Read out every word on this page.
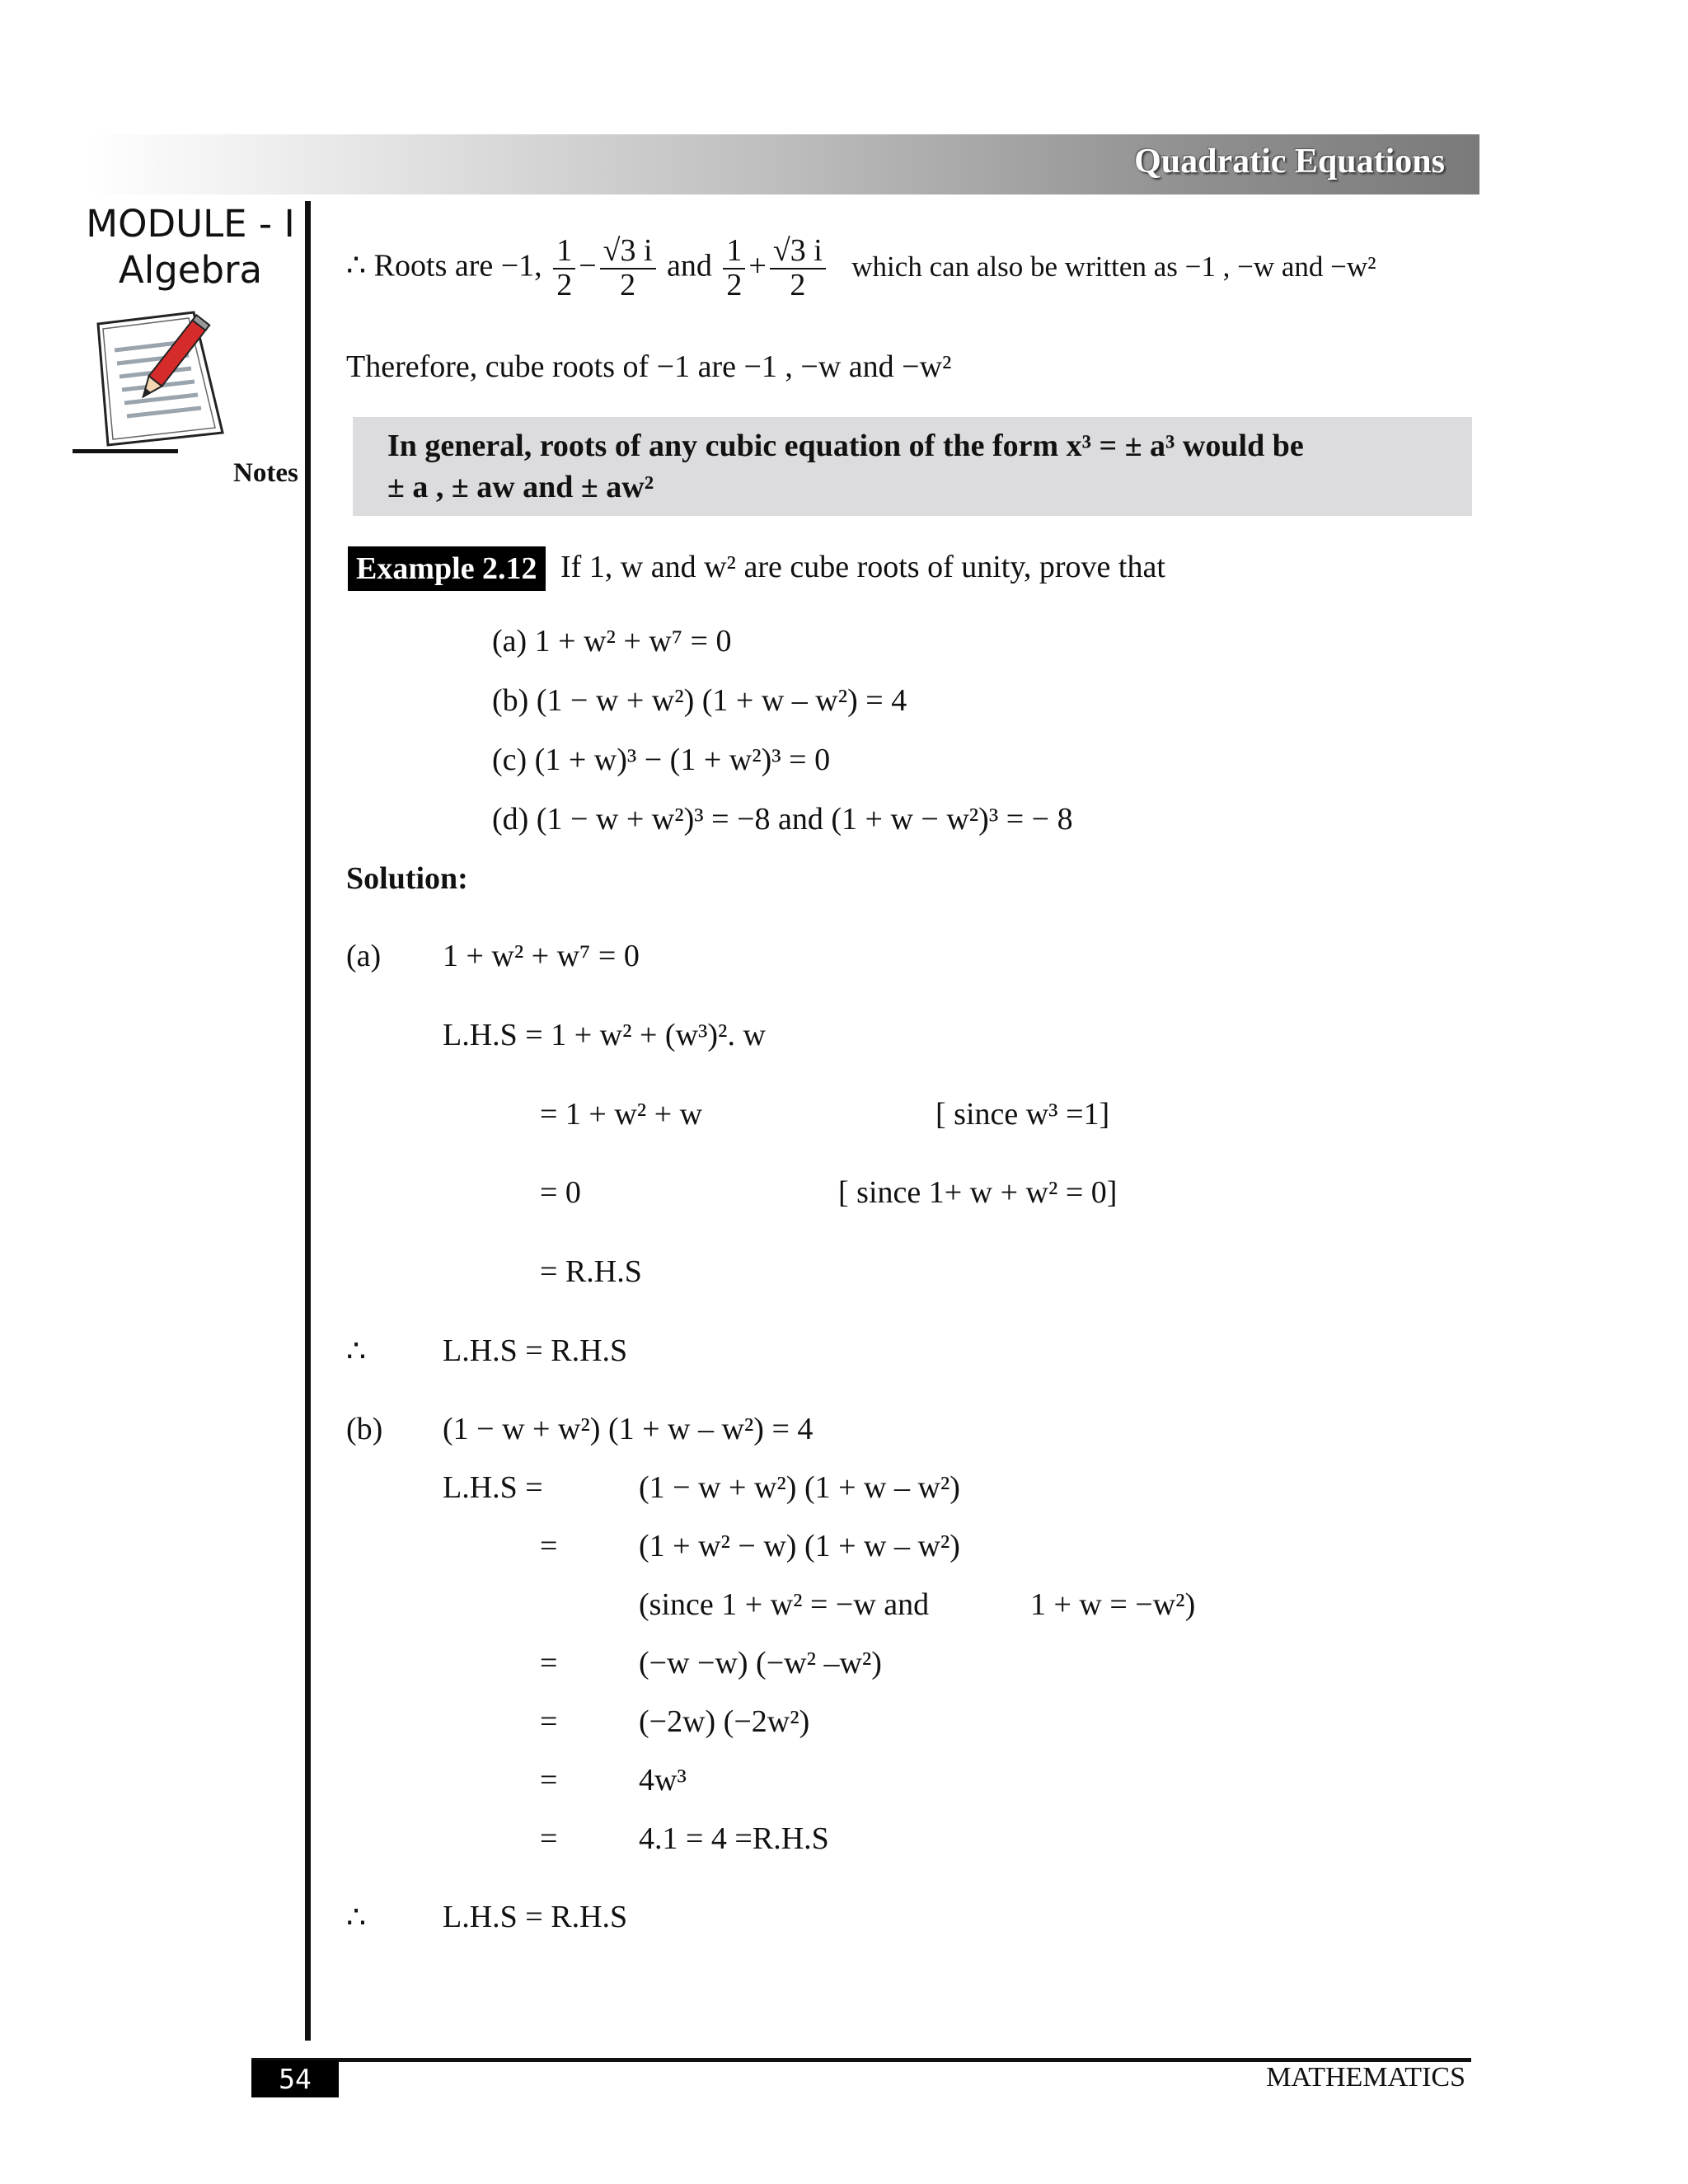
Quadratic Equations
MODULE - I
Algebra
Notes
∴ Roots are −1, $\frac{1}{2} - \frac{√3 i}{2}$ and $\frac{1}{2} + \frac{√3 i}{2}$ which can also be written as −1 , −w and −w²
Therefore, cube roots of −1 are −1 , −w and −w²
In general, roots of any cubic equation of the form x³ = ± a³ would be
± a , ± aw and ± aw²
Example 2.12 If 1, w and w² are cube roots of unity, prove that
(a) 1 + w² + w⁷ = 0
(b) (1 − w + w²) (1 + w – w²) = 4
(c) (1 + w)³ − (1 + w²)³ = 0
(d) (1 − w + w²)³ = −8 and (1 + w − w²)³ = − 8
Solution:
(a) 1 + w² + w⁷ = 0
L.H.S = 1 + w² + (w³)². w
= 1 + w² + w	[ since w³ =1]
= 0	[ since 1+ w + w² = 0]
= R.H.S
∴ L.H.S = R.H.S
(b) (1 − w + w²) (1 + w – w²) = 4
L.H.S =	(1 − w + w²) (1 + w – w²)
=	(1 + w² − w) (1 + w – w²)
(since 1 + w² = −w and	1 + w = −w²)
=	(−w −w) (−w² –w²)
=	(−2w) (−2w²)
=	4w³
=	4.1 = 4 =R.H.S
∴ L.H.S = R.H.S
54	MATHEMATICS
